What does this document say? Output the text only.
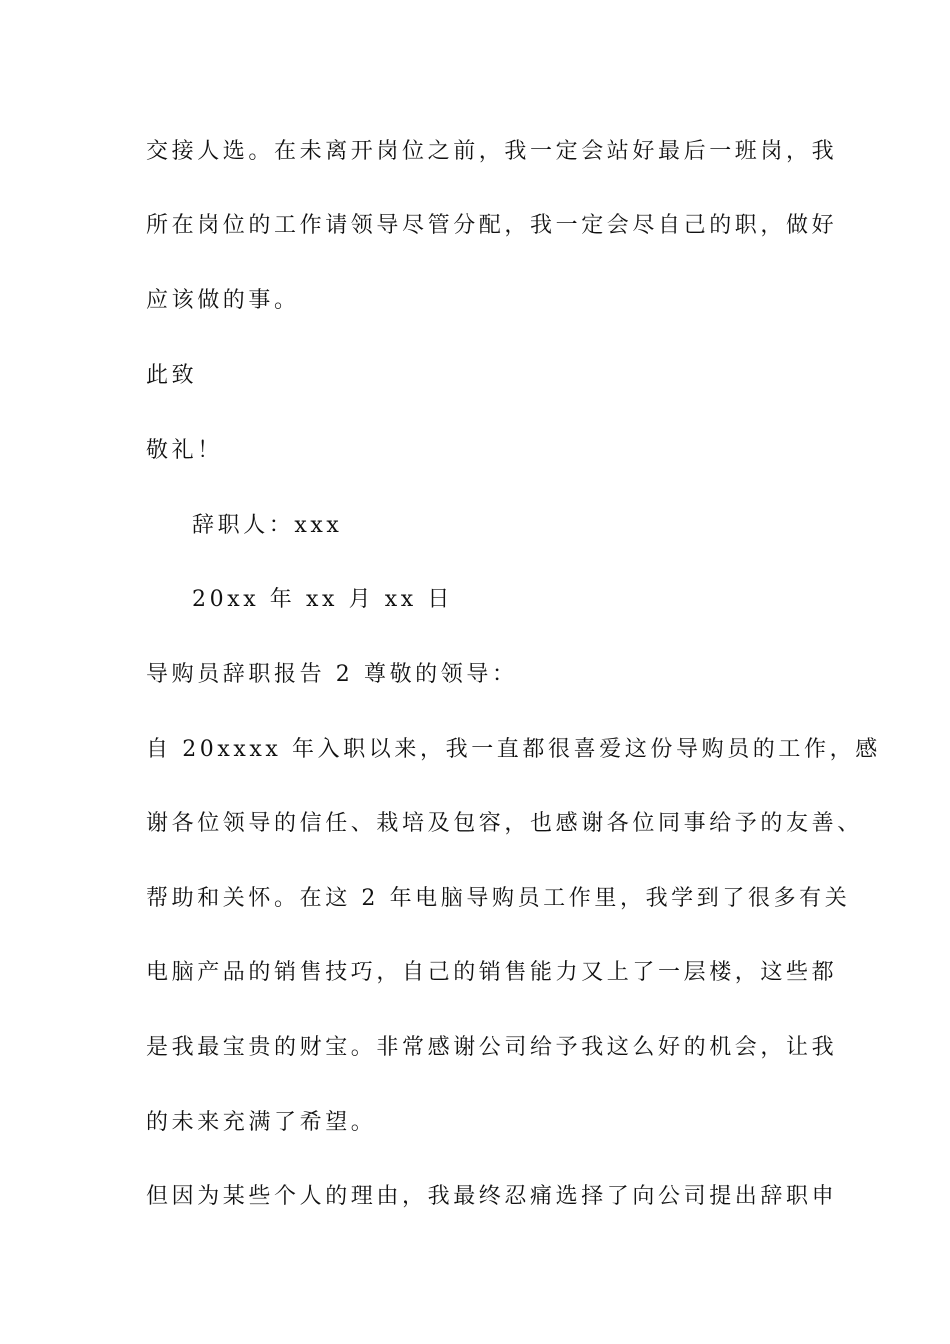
交接人选。在未离开岗位之前，我一定会站好最后一班岗，我
所在岗位的工作请领导尽管分配，我一定会尽自己的职，做好
应该做的事。
此致
敬礼！
辞职人：xxx
20xx 年 xx 月 xx 日
导购员辞职报告 2 尊敬的领导：
自 20xxxx 年入职以来，我一直都很喜爱这份导购员的工作，感
谢各位领导的信任、栽培及包容，也感谢各位同事给予的友善、
帮助和关怀。在这 2 年电脑导购员工作里，我学到了很多有关
电脑产品的销售技巧，自己的销售能力又上了一层楼，这些都
是我最宝贵的财宝。非常感谢公司给予我这么好的机会，让我
的未来充满了希望。
但因为某些个人的理由，我最终忍痛选择了向公司提出辞职申
